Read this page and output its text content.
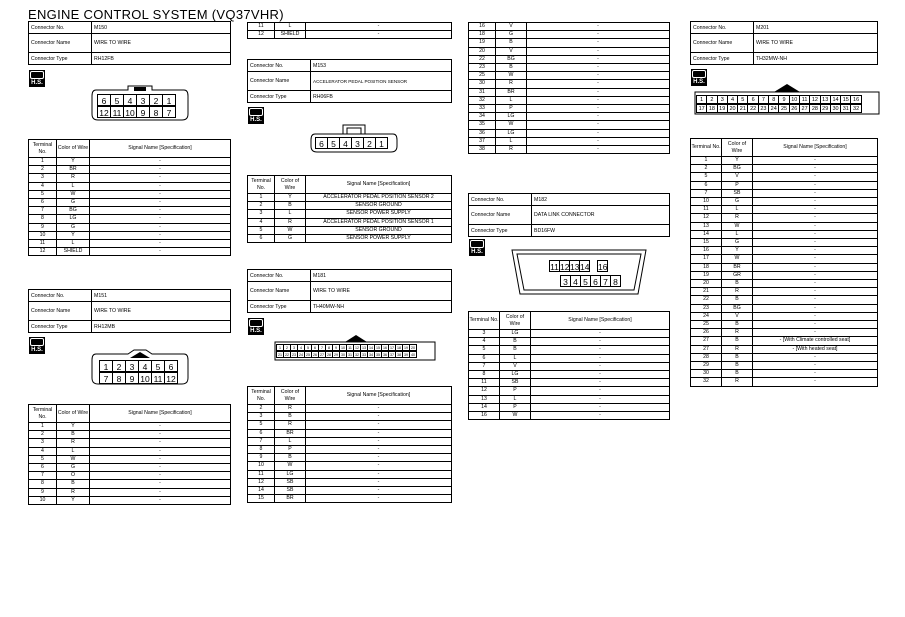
ENGINE CONTROL SYSTEM (VQ37VHR)
Connector No.	M150
Connector Name	WIRE TO WIRE
Connector Type	RH12FB
H.S.
6 5 4 3 2 1
12 11 10 9 8 7
Terminal No.	Color of Wire	Signal Name [Specification]
1	Y	-
2	BR	-
3	R	-
4	L	-
5	W	-
6	G	-
7	BG	-
8	LG	-
9	G	-
10	Y	-
11	L	-
12	SHIELD	-
Connector No.	M151
Connector Name	WIRE TO WIRE
Connector Type	RH12MB
H.S.
1 2 3 4 5 6
7 8 9 10 11 12
Terminal No.	Color of Wire	Signal Name [Specification]
1	Y	-
2	B	-
3	R	-
4	L	-
5	W	-
6	G	-
7	O	-
8	B	-
9	R	-
10	Y	-
11	L	-
12	SHIELD	-
Connector No.	M153
Connector Name	ACCELERATOR PEDAL POSITION SENSOR
Connector Type	RH06FB
H.S.
6 5 4 3 2 1
Terminal No.	Color of Wire	Signal Name [Specification]
1	Y	ACCELERATOR PEDAL POSITION SENSOR 2
2	B	SENSOR GROUND
3	L	SENSOR POWER SUPPLY
4	R	ACCELERATOR PEDAL POSITION SENSOR 1
5	W	SENSOR GROUND
6	G	SENSOR POWER SUPPLY
Connector No.	M181
Connector Name	WIRE TO WIRE
Connector Type	TH40MW-NH
H.S.
1	2	3	4	5	6	7	8	9	10 11 12 13 14 15 16 17 18 19 20
21 22 23 24 25 26 27 28 29 30 31 32 33 34 35 36 37 38 39 40
Terminal No.	Color of Wire	Signal Name [Specification]
2	R	-
3	B	-
5	R	-
6	BR	-
7	L	-
8	P	-
9	B	-
10	W	-
11	LG	-
12	SB	-
14	SB	-
15	BR	-
16	V	-
18	G	-
19	B	-
20	V	-
22	BG	-
23	B	-
25	W	-
30	R	-
31	BR	-
32	L	-
33	P	-
34	LG	-
35	W	-
36	LG	-
37	L	-
38	R	-
Connector No.	M182
Connector Name	DATA LINK CONNECTOR
Connector Type	BD16FW
H.S.
11 12 13 14 16
3 4 5 6 7 8
Terminal No.	Color of Wire	Signal Name [Specification]
3	LG	-
4	B	-
5	B	-
6	L	-
7	V	-
8	LG	-
11	SB	-
12	P	-
13	L	-
14	P	-
16	W	-
Connector No.	M201
Connector Name	WIRE TO WIRE
Connector Type	TH32MW-NH
H.S.
1	2	3	4	5	6	7	8	9	10 11 12 13 14 15 16
17 18 19 20 21 22 23 24 25 26 27 28 29 30 31 32
Terminal No.	Color of Wire	Signal Name [Specification]
1	Y	-
2	BG	-
5	V	-
6	P	-
7	SB	-
10	G	-
11	L	-
12	R	-
13	W	-
14	L	-
15	G	-
16	Y	-
17	W	-
18	BR	-
19	GR	-
20	B	-
21	R	-
22	B	-
23	BG	-
24	V	-
25	B	-
26	R	-
27	B	- [With Climate controlled seat]
27	R	- [With heated seat]
28	B	-
29	B	-
30	B	-
32	R	-
